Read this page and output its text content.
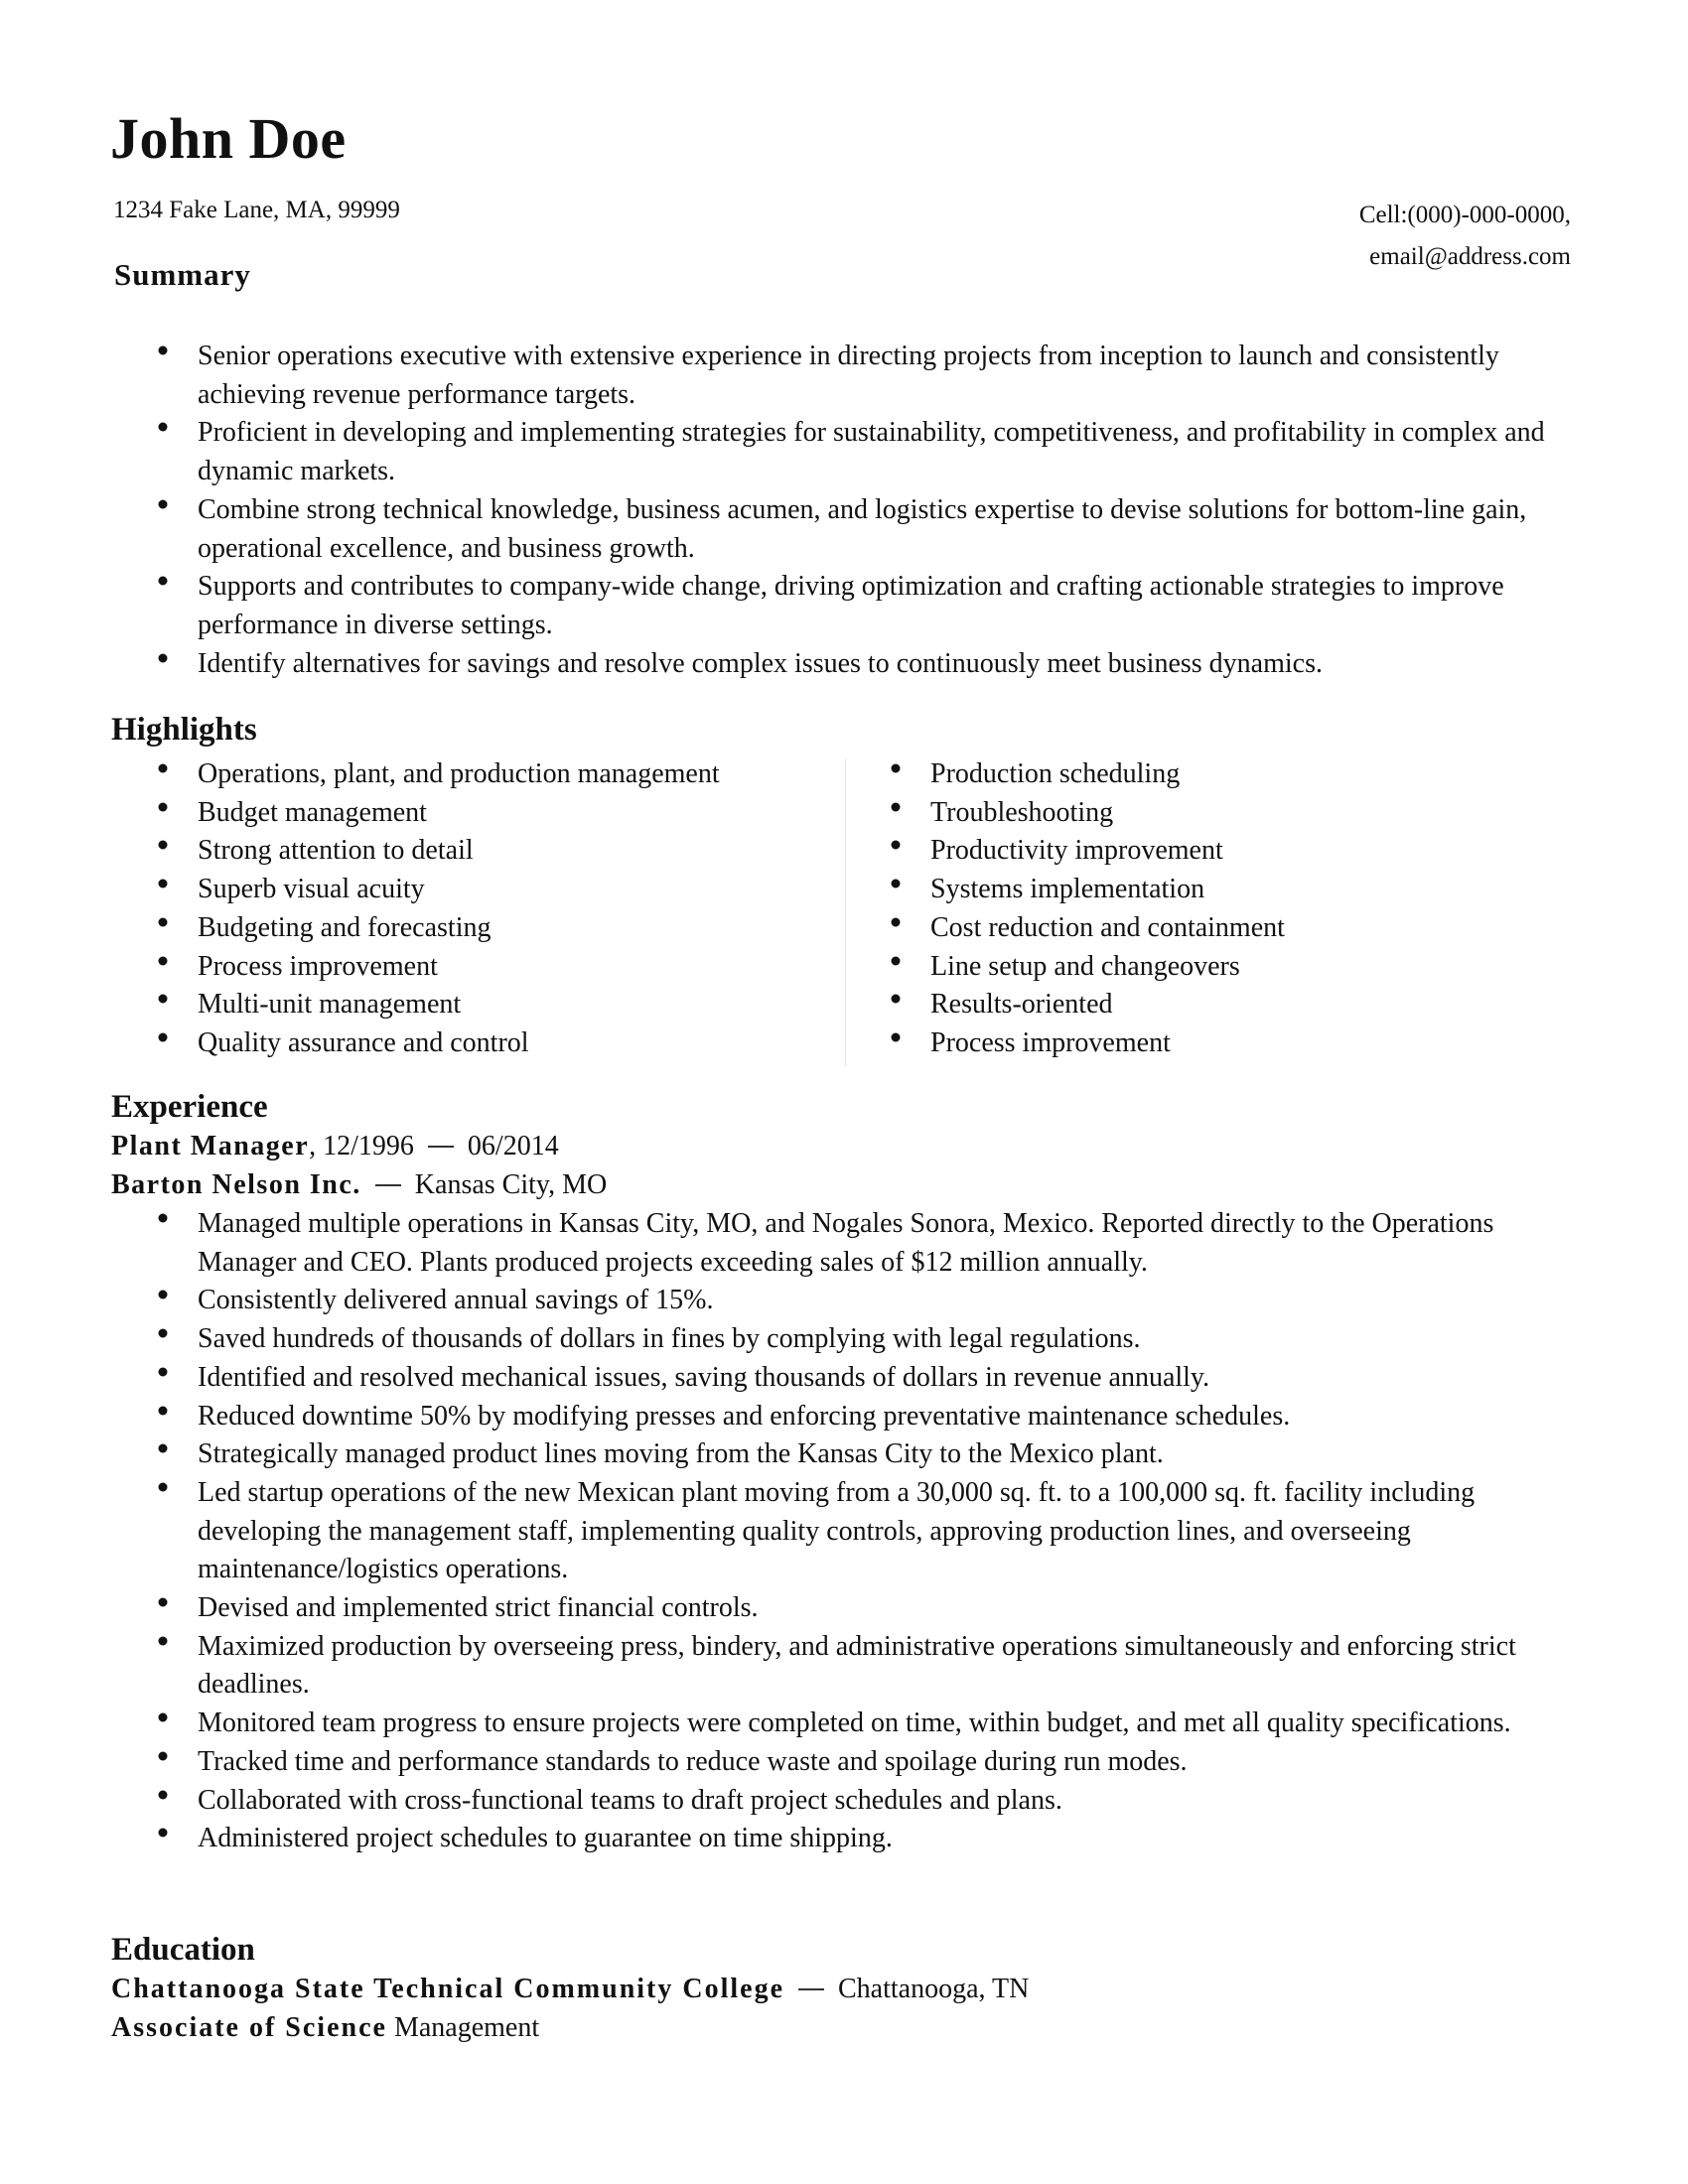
John Doe
1234 Fake Lane, MA, 99999	Cell:(000)-000-0000,
email@address.com
Summary
Senior operations executive with extensive experience in directing projects from inception to launch and consistently achieving revenue performance targets.
Proficient in developing and implementing strategies for sustainability, competitiveness, and profitability in complex and dynamic markets.
Combine strong technical knowledge, business acumen, and logistics expertise to devise solutions for bottom-line gain, operational excellence, and business growth.
Supports and contributes to company-wide change, driving optimization and crafting actionable strategies to improve performance in diverse settings.
Identify alternatives for savings and resolve complex issues to continuously meet business dynamics.
Highlights
Operations, plant, and production management
Budget management
Strong attention to detail
Superb visual acuity
Budgeting and forecasting
Process improvement
Multi-unit management
Quality assurance and control
Production scheduling
Troubleshooting
Productivity improvement
Systems implementation
Cost reduction and containment
Line setup and changeovers
Results-oriented
Process improvement
Experience
Plant Manager, 12/1996 06/2014
Barton Nelson Inc. Kansas City, MO
Managed multiple operations in Kansas City, MO, and Nogales Sonora, Mexico. Reported directly to the Operations Manager and CEO. Plants produced projects exceeding sales of $12 million annually.
Consistently delivered annual savings of 15%.
Saved hundreds of thousands of dollars in fines by complying with legal regulations.
Identified and resolved mechanical issues, saving thousands of dollars in revenue annually.
Reduced downtime 50% by modifying presses and enforcing preventative maintenance schedules.
Strategically managed product lines moving from the Kansas City to the Mexico plant.
Led startup operations of the new Mexican plant moving from a 30,000 sq. ft. to a 100,000 sq. ft. facility including developing the management staff, implementing quality controls, approving production lines, and overseeing maintenance/logistics operations.
Devised and implemented strict financial controls.
Maximized production by overseeing press, bindery, and administrative operations simultaneously and enforcing strict deadlines.
Monitored team progress to ensure projects were completed on time, within budget, and met all quality specifications.
Tracked time and performance standards to reduce waste and spoilage during run modes.
Collaborated with cross-functional teams to draft project schedules and plans.
Administered project schedules to guarantee on time shipping.
Education
Chattanooga State Technical Community College Chattanooga, TN
Associate of Science Management
